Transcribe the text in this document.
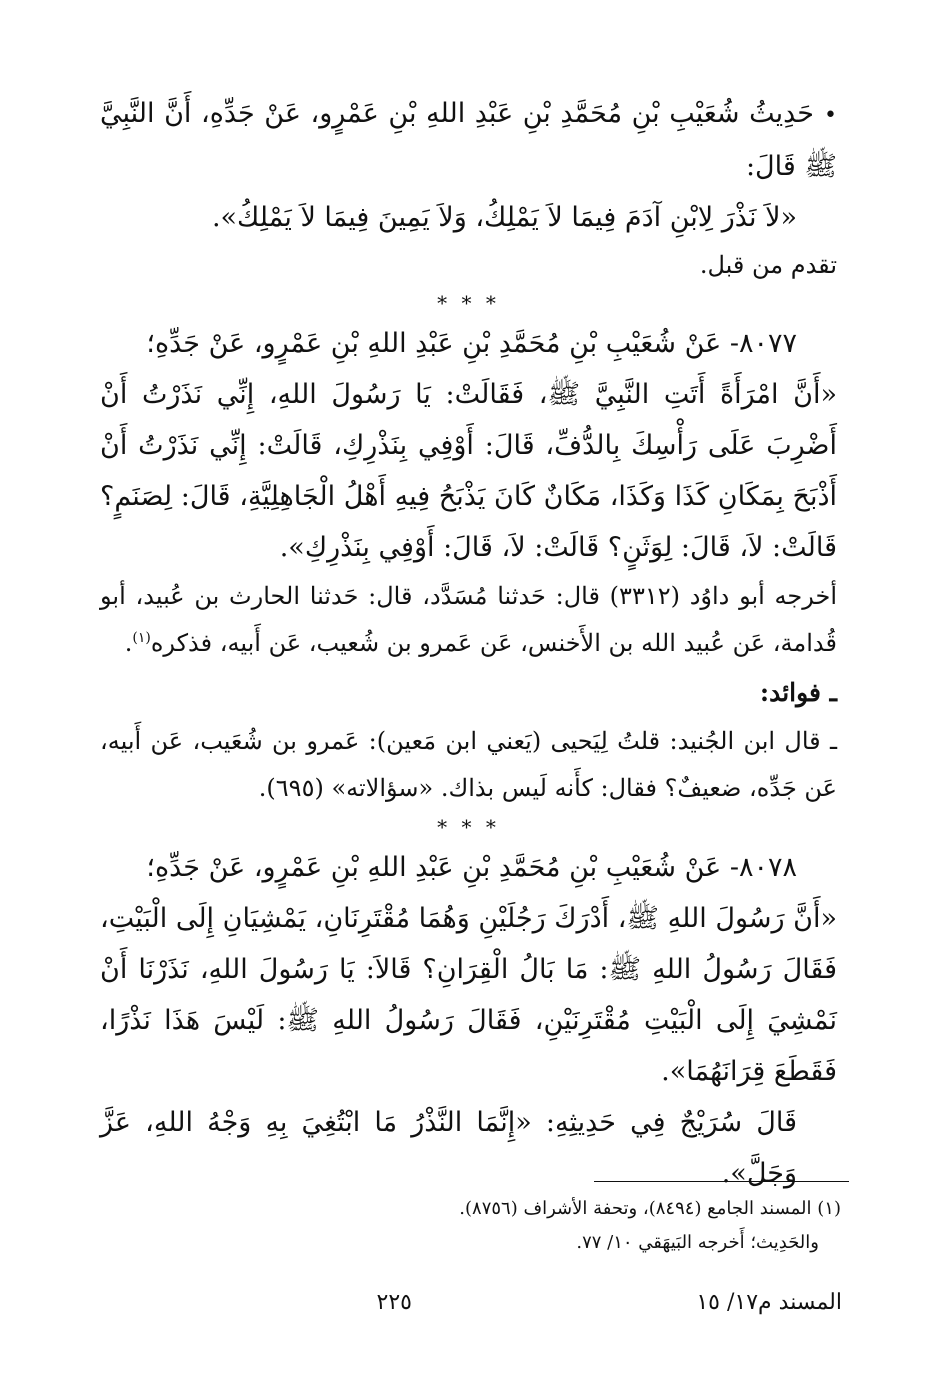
•حَدِيثُ شُعَيْبِ بْنِ مُحَمَّدِ بْنِ عَبْدِ اللهِ بْنِ عَمْرٍو، عَنْ جَدِّهِ، أَنَّ النَّبِيَّ ﷺ قَالَ:

«لاَ نَذْرَ لِابْنِ آدَمَ فِيمَا لاَ يَمْلِكُ، وَلاَ يَمِينَ فِيمَا لاَ يَمْلِكُ».

تقدم من قبل.

* * *

٨٠٧٧- عَنْ شُعَيْبِ بْنِ مُحَمَّدِ بْنِ عَبْدِ اللهِ بْنِ عَمْرٍو، عَنْ جَدِّهِ؛

«أَنَّ امْرَأَةً أَتَتِ النَّبِيَّ ﷺ، فَقَالَتْ: يَا رَسُولَ اللهِ، إِنِّي نَذَرْتُ أَنْ أَضْرِبَ عَلَى رَأْسِكَ بِالدُّفِّ، قَالَ: أَوْفِي بِنَذْرِكِ، قَالَتْ: إِنِّي نَذَرْتُ أَنْ أَذْبَحَ بِمَكَانِ كَذَا وَكَذَا، مَكَانٌ كَانَ يَذْبَحُ فِيهِ أَهْلُ الْجَاهِلِيَّةِ، قَالَ: لِصَنَمٍ؟ قَالَتْ: لاَ، قَالَ: لِوَثَنٍ؟ قَالَتْ: لاَ، قَالَ: أَوْفِي بِنَذْرِكِ».

أخرجه أبو داوُد (٣٣١٢) قال: حَدثنا مُسَدَّد، قال: حَدثنا الحارث بن عُبيد، أبو قُدامة، عَن عُبيد الله بن الأَخنس، عَن عَمرو بن شُعيب، عَن أَبيه، فذكره$^{(١)}$.

ـ فوائد:

ـ قال ابن الجُنيد: قلتُ لِيَحيى (يَعني ابن مَعين): عَمرو بن شُعَيب، عَن أَبيه، عَن جَدِّه، ضعيفٌ؟ فقال: كأَنه لَيس بذاك. «سؤالاته» (٦٩٥).

* * *

٨٠٧٨- عَنْ شُعَيْبِ بْنِ مُحَمَّدِ بْنِ عَبْدِ اللهِ بْنِ عَمْرٍو، عَنْ جَدِّهِ؛

«أَنَّ رَسُولَ اللهِ ﷺ، أَدْرَكَ رَجُلَيْنِ وَهُمَا مُقْتَرِنَانِ، يَمْشِيَانِ إِلَى الْبَيْتِ، فَقَالَ رَسُولُ اللهِ ﷺ: مَا بَالُ الْقِرَانِ؟ قَالاَ: يَا رَسُولَ اللهِ، نَذَرْنَا أَنْ نَمْشِيَ إِلَى الْبَيْتِ مُقْتَرِنَيْنِ، فَقَالَ رَسُولُ اللهِ ﷺ: لَيْسَ هَذَا نَذْرًا، فَقَطَعَ قِرَانَهُمَا».

قَالَ سُرَيْجٌ فِي حَدِيثِهِ: «إِنَّمَا النَّذْرُ مَا ابْتُغِيَ بِهِ وَجْهُ اللهِ، عَزَّ وَجَلَّ».

(١) المسند الجامع (٨٤٩٤)، وتحفة الأشراف (٨٧٥٦).

والحَدِيث؛ أَخرجه البَيهَقي ١٠/ ٧٧.

المسند م١٧/ ١٥
٢٢٥
